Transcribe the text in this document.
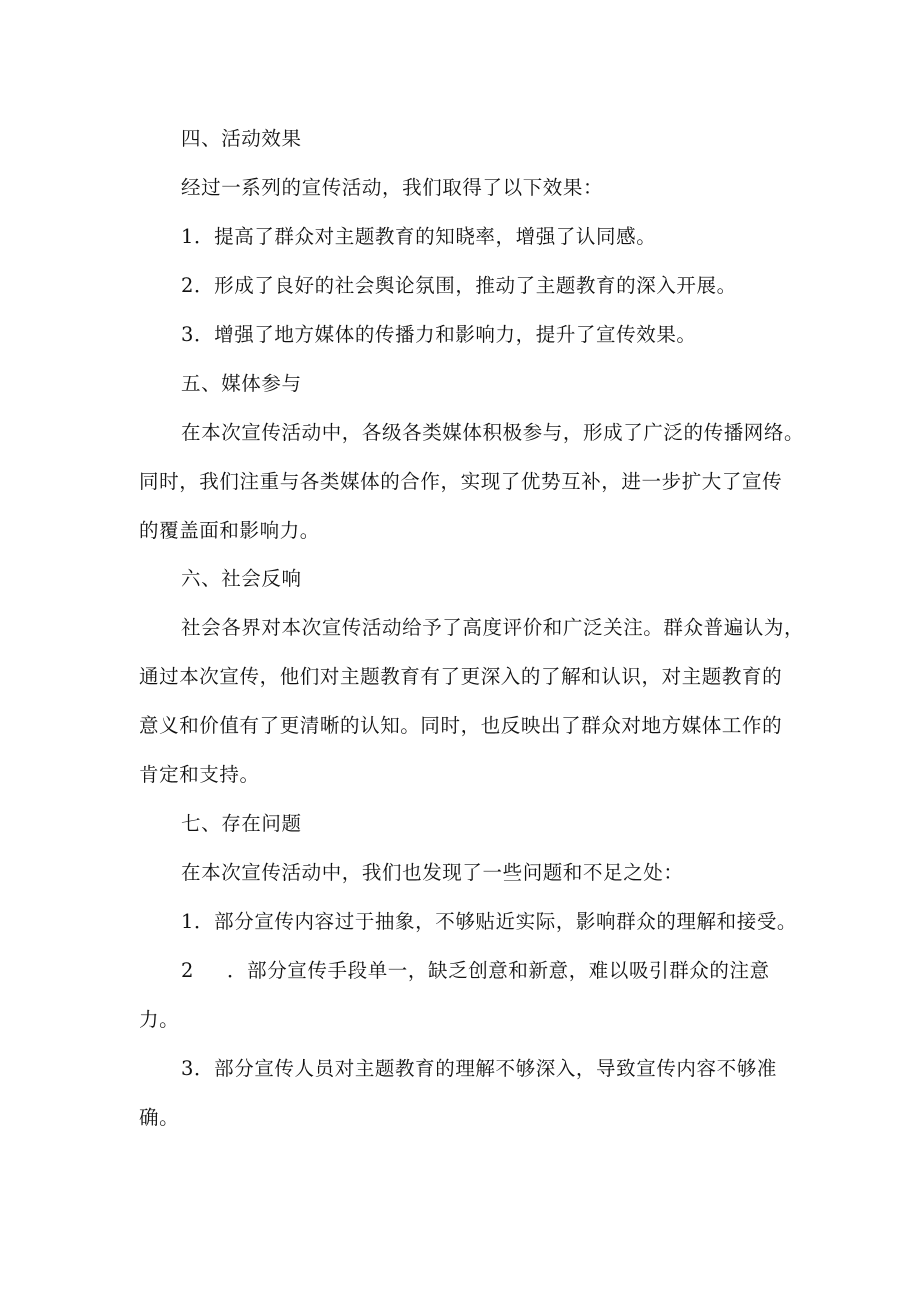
四、活动效果
经过一系列的宣传活动，我们取得了以下效果：
1．提高了群众对主题教育的知晓率，增强了认同感。
2．形成了良好的社会舆论氛围，推动了主题教育的深入开展。
3．增强了地方媒体的传播力和影响力，提升了宣传效果。
五、媒体参与
在本次宣传活动中，各级各类媒体积极参与，形成了广泛的传播网络。
同时，我们注重与各类媒体的合作，实现了优势互补，进一步扩大了宣传
的覆盖面和影响力。
六、社会反响
社会各界对本次宣传活动给予了高度评价和广泛关注。群众普遍认为，
通过本次宣传，他们对主题教育有了更深入的了解和认识，对主题教育的
意义和价值有了更清晰的认知。同时，也反映出了群众对地方媒体工作的
肯定和支持。
七、存在问题
在本次宣传活动中，我们也发现了一些问题和不足之处：
1．部分宣传内容过于抽象，不够贴近实际，影响群众的理解和接受。
2 ．部分宣传手段单一，缺乏创意和新意，难以吸引群众的注意
力。
3．部分宣传人员对主题教育的理解不够深入，导致宣传内容不够准
确。
